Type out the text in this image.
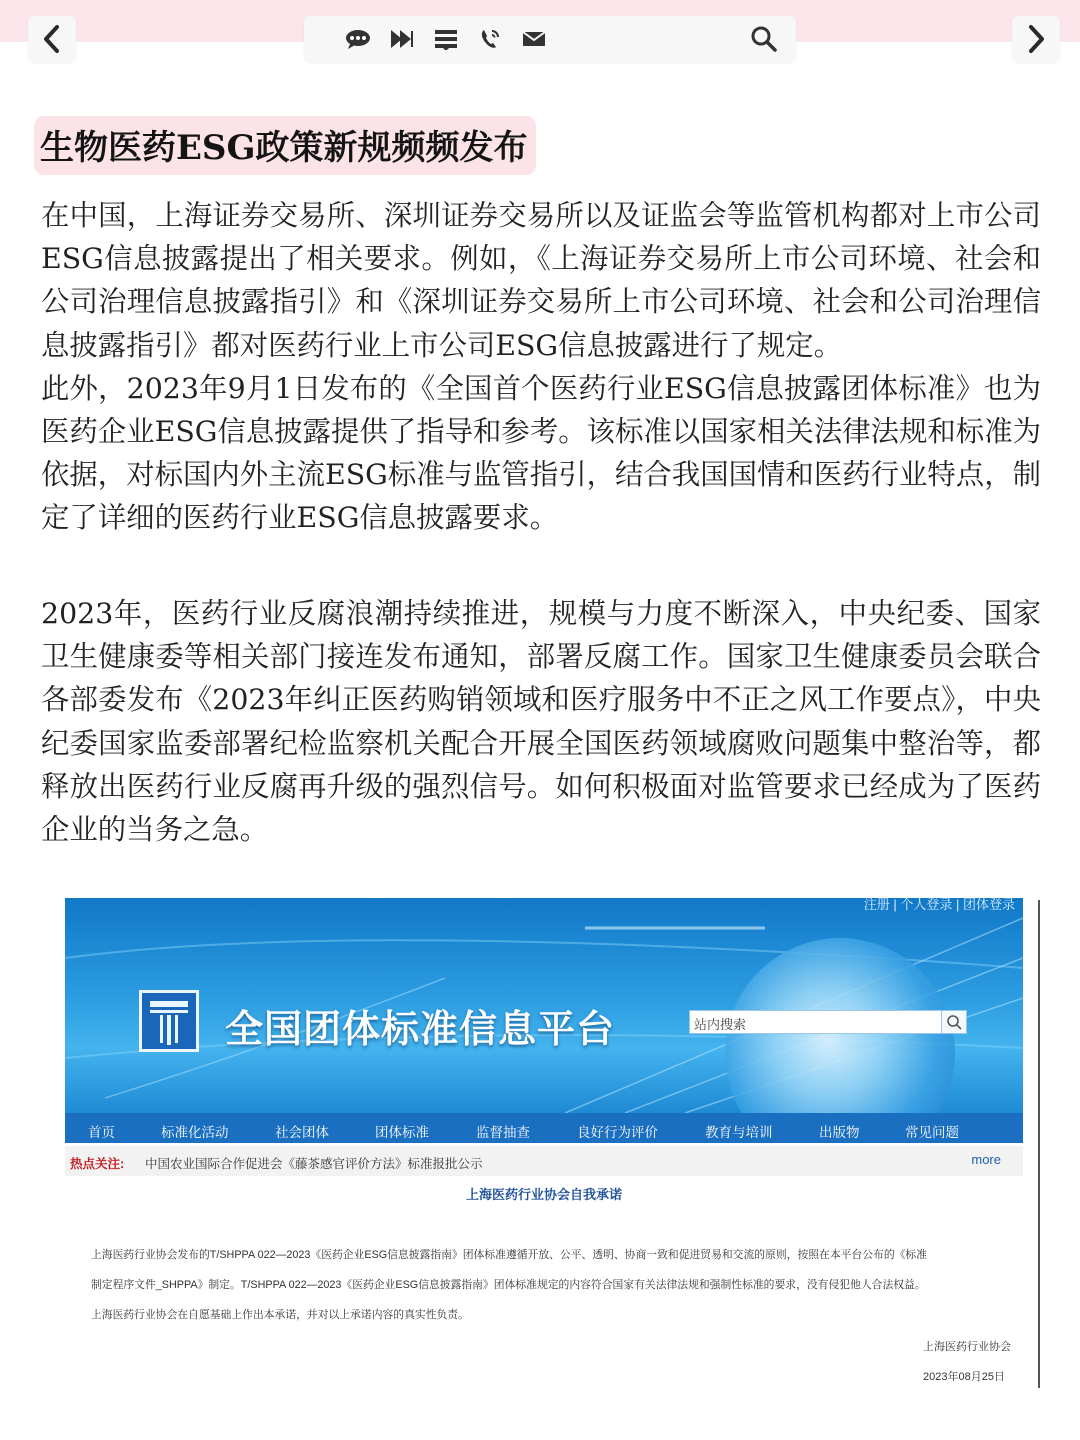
生物医药ESG政策新规频频发布

在中国，上海证券交易所、深圳证券交易所以及证监会等监管机构都对上市公司ESG信息披露提出了相关要求。例如，《上海证券交易所上市公司环境、社会和公司治理信息披露指引》和《深圳证券交易所上市公司环境、社会和公司治理信息披露指引》都对医药行业上市公司ESG信息披露进行了规定。

此外，2023年9月1日发布的《全国首个医药行业ESG信息披露团体标准》也为医药企业ESG信息披露提供了指导和参考。该标准以国家相关法律法规和标准为依据，对标国内外主流ESG标准与监管指引，结合我国国情和医药行业特点，制定了详细的医药行业ESG信息披露要求。

2023年，医药行业反腐浪潮持续推进，规模与力度不断深入，中央纪委、国家卫生健康委等相关部门接连发布通知，部署反腐工作。国家卫生健康委员会联合各部委发布《2023年纠正医药购销领域和医疗服务中不正之风工作要点》，中央纪委国家监委部署纪检监察机关配合开展全国医药领域腐败问题集中整治等，都释放出医药行业反腐再升级的强烈信号。如何积极面对监管要求已经成为了医药企业的当务之急。

注册 | 个人登录 | 团体登录
全国团体标准信息平台	站内搜索
首页	标准化活动	社会团体	团体标准	监督抽查	良好行为评价	教育与培训	出版物	常见问题
热点关注: 中国农业国际合作促进会《藤茶感官评价方法》标准报批公示	more
上海医药行业协会自我承诺

上海医药行业协会发布的T/SHPPA 022—2023《医药企业ESG信息披露指南》团体标准遵循开放、公平、透明、协商一致和促进贸易和交流的原则，按照在本平台公布的《标准

制定程序文件_SHPPA》制定。T/SHPPA 022—2023《医药企业ESG信息披露指南》团体标准规定的内容符合国家有关法律法规和强制性标准的要求，没有侵犯他人合法权益。

上海医药行业协会在自愿基础上作出本承诺，并对以上承诺内容的真实性负责。

上海医药行业协会
2023年08月25日
